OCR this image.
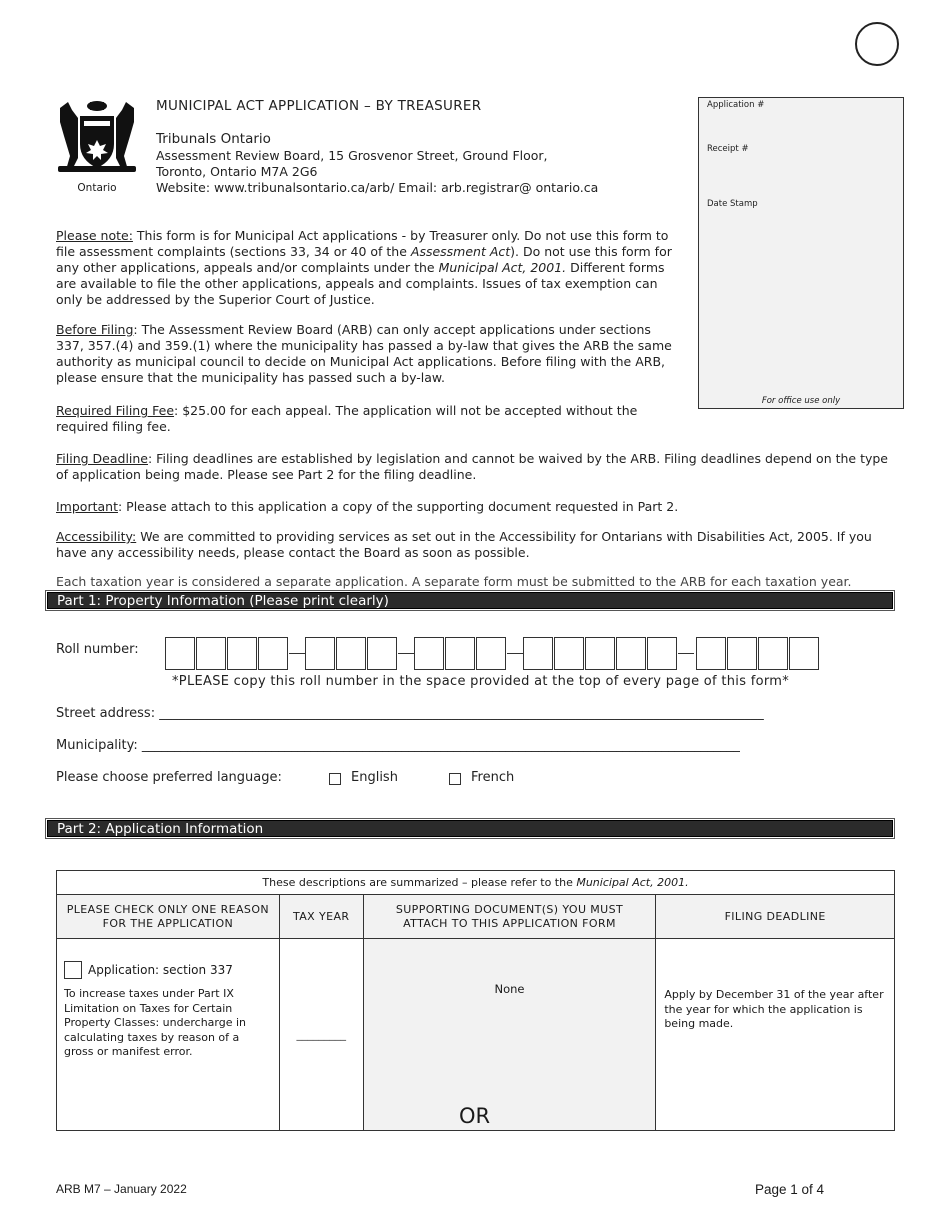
Ontario
MUNICIPAL ACT APPLICATION – BY TREASURER
Tribunals Ontario
Assessment Review Board, 15 Grosvenor Street, Ground Floor,
Toronto, Ontario M7A 2G6
Website: www.tribunalsontario.ca/arb/ Email: arb.registrar@ ontario.ca
Application #
Receipt #
Date Stamp
For office use only
Please note: This form is for Municipal Act applications - by Treasurer only. Do not use this form to file assessment complaints (sections 33, 34 or 40 of the Assessment Act). Do not use this form for any other applications, appeals and/or complaints under the Municipal Act, 2001. Different forms are available to file the other applications, appeals and complaints. Issues of tax exemption can only be addressed by the Superior Court of Justice.
Before Filing: The Assessment Review Board (ARB) can only accept applications under sections 337, 357.(4) and 359.(1) where the municipality has passed a by-law that gives the ARB the same authority as municipal council to decide on Municipal Act applications. Before filing with the ARB, please ensure that the municipality has passed such a by-law.
Required Filing Fee: $25.00 for each appeal. The application will not be accepted without the required filing fee.
Filing Deadline: Filing deadlines are established by legislation and cannot be waived by the ARB. Filing deadlines depend on the type of application being made. Please see Part 2 for the filing deadline.
Important: Please attach to this application a copy of the supporting document requested in Part 2.
Accessibility: We are committed to providing services as set out in the Accessibility for Ontarians with Disabilities Act, 2005. If you have any accessibility needs, please contact the Board as soon as possible.
Each taxation year is considered a separate application. A separate form must be submitted to the ARB for each taxation year.
Part 1: Property Information (Please print clearly)
Roll number:
*PLEASE copy this roll number in the space provided at the top of every page of this form*
Street address: _____________________________________________________________________________________________
Municipality: ____________________________________________________________________________________________
Please choose preferred language:	English	French
Part 2: Application Information
These descriptions are summarized – please refer to the Municipal Act, 2001.			
PLEASE CHECK ONLY ONE REASON FOR THE APPLICATION	TAX YEAR	SUPPORTING DOCUMENT(S) YOU MUST ATTACH TO THIS APPLICATION FORM	FILING DEADLINE

Application: section 337
To increase taxes under Part IX Limitation on Taxes for Certain Property Classes: undercharge in calculating taxes by reason of a gross or manifest error.	_________	None	Apply by December 31 of the year after the year for which the application is being made.
OR
ARB M7 – January 2022	Page 1 of 4
